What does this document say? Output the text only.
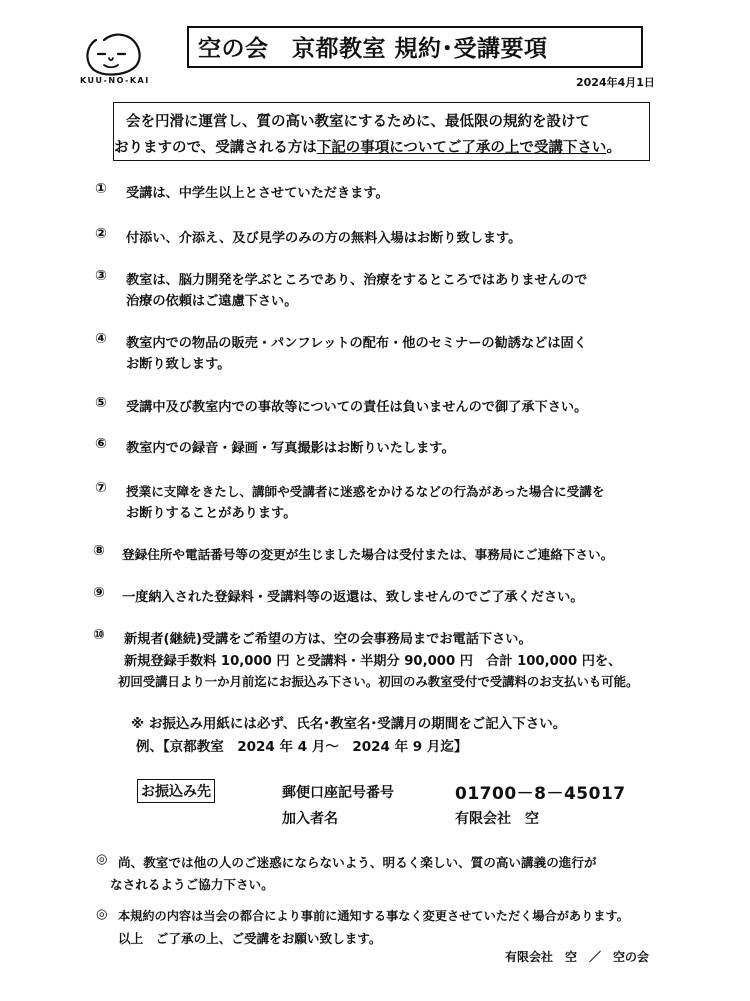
KUU-NO-KAI
空の会　京都教室 規約･受講要項
2024年4月1日
会を円滑に運営し、質の高い教室にするために、最低限の規約を設けて
おりますので、受講される方は下記の事項についてご了承の上で受講下さい。
① 受講は、中学生以上とさせていただきます。
② 付添い、介添え、及び見学のみの方の無料入場はお断り致します。
③ 教室は、脳力開発を学ぶところであり、治療をするところではありませんので
治療の依頼はご遠慮下さい。
④ 教室内での物品の販売・パンフレットの配布・他のセミナーの勧誘などは固く
お断り致します。
⑤ 受講中及び教室内での事故等についての責任は負いませんので御了承下さい。
⑥ 教室内での録音・録画・写真撮影はお断りいたします。
⑦ 授業に支障をきたし、講師や受講者に迷惑をかけるなどの行為があった場合に受講を
お断りすることがあります。
⑧ 登録住所や電話番号等の変更が生じました場合は受付または、事務局にご連絡下さい。
⑨ 一度納入された登録料・受講料等の返還は、致しませんのでご了承ください。
⑩ 新規者(継続)受講をご希望の方は、空の会事務局までお電話下さい。
新規登録手数料 10,000 円 と受講料・半期分 90,000 円　合計 100,000 円を、
初回受講日より一か月前迄にお振込み下さい。初回のみ教室受付で受講料のお支払いも可能。
※ お振込み用紙には必ず、氏名･教室名･受講月の期間をご記入下さい。
例、【京都教室　2024 年 4 月～　2024 年 9 月迄】
お振込み先	郵便口座記号番号	01700－8－45017
加入者名	有限会社　空
◎ 尚、教室では他の人のご迷惑にならないよう、明るく楽しい、質の高い講義の進行が
なされるようご協力下さい。
◎ 本規約の内容は当会の都合により事前に通知する事なく変更させていただく場合があります。
以上　ご了承の上、ご受講をお願い致します。
有限会社　空　／　空の会
